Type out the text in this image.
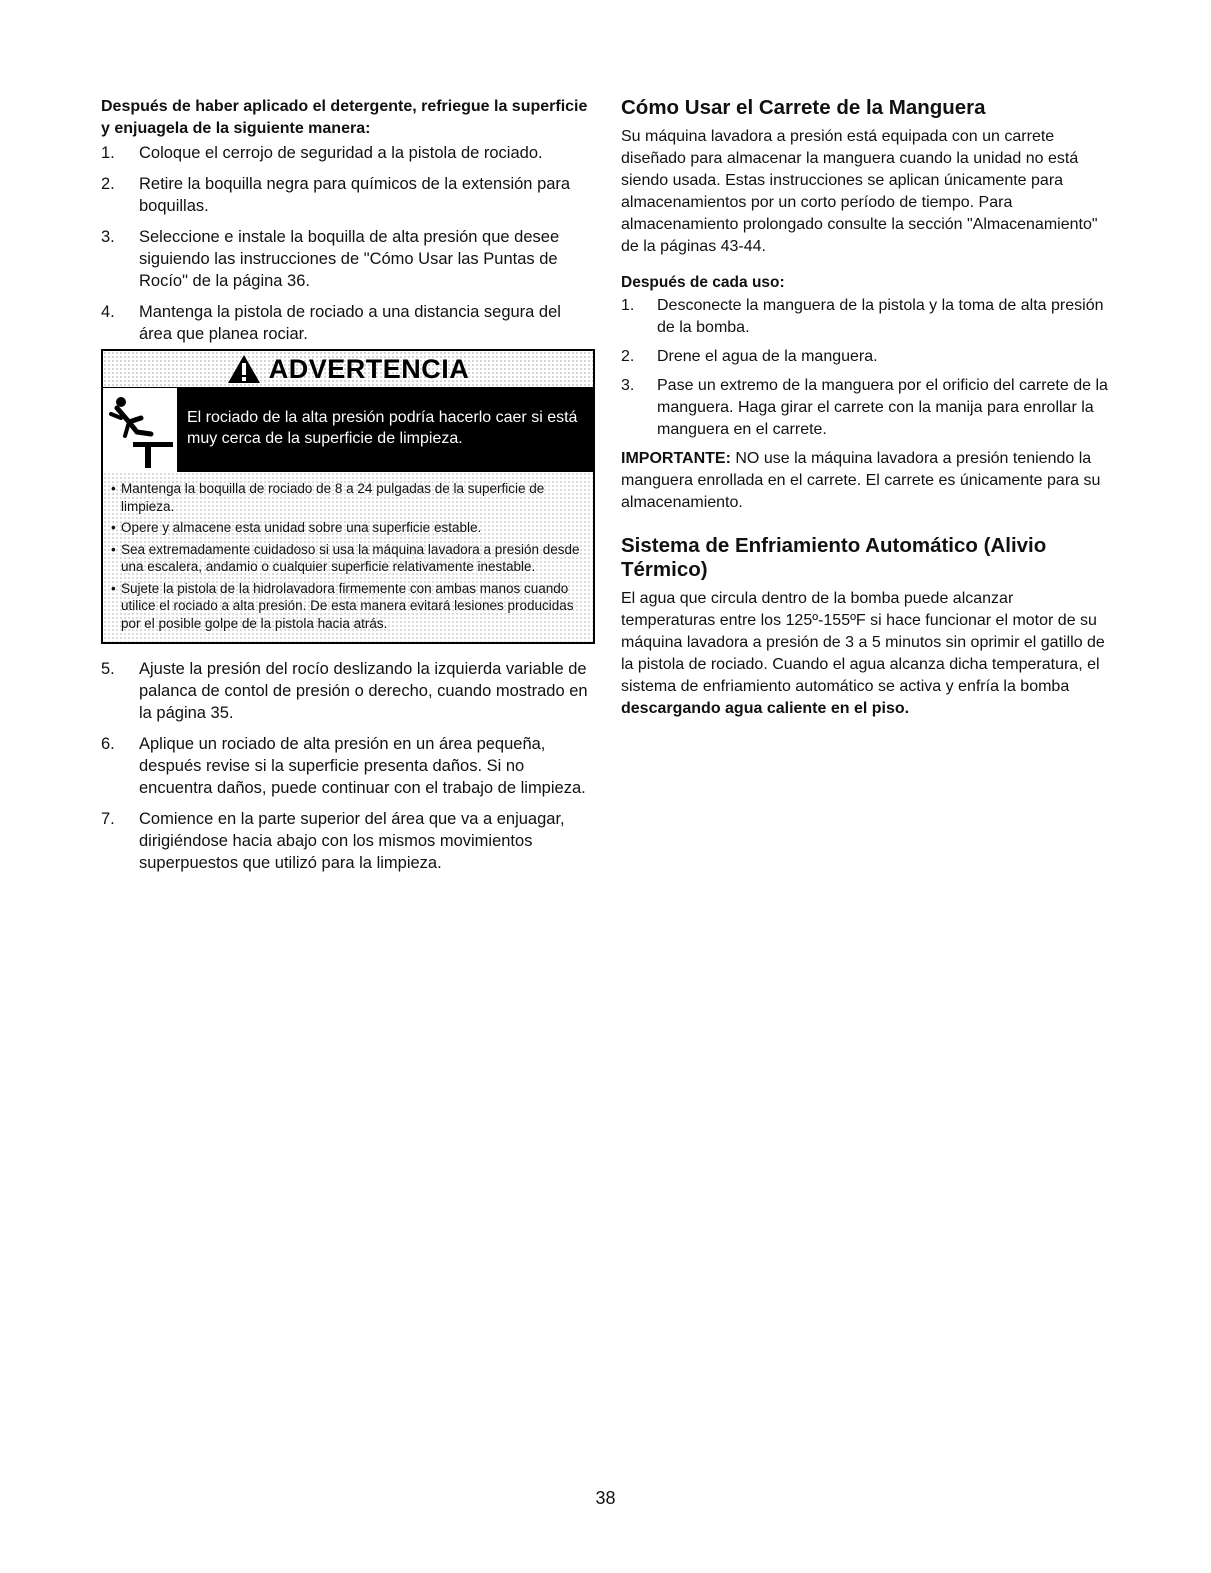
Después de haber aplicado el detergente, refriegue la superficie y enjuagela de la siguiente manera:

1.	Coloque el cerrojo de seguridad a la pistola de rociado.
2.	Retire la boquilla negra para químicos de la extensión para boquillas.
3.	Seleccione e instale la boquilla de alta presión que desee siguiendo las instrucciones de "Cómo Usar las Puntas de Rocío" de la página 36.
4.	Mantenga la pistola de rociado a una distancia segura del área que planea rociar.
ADVERTENCIA
El rociado de la alta presión podría hacerlo caer si está muy cerca de la superficie de limpieza.
• Mantenga la boquilla de rociado de 8 a 24 pulgadas de la superficie de limpieza.
• Opere y almacene esta unidad sobre una superficie estable.
• Sea extremadamente cuidadoso si usa la máquina lavadora a presión desde una escalera, andamio o cualquier superficie relativamente inestable.
• Sujete la pistola de la hidrolavadora firmemente con ambas manos cuando utilice el rociado a alta presión. De esta manera evitará lesiones producidas por el posible golpe de la pistola hacia atrás.
5.	Ajuste la presión del rocío deslizando la izquierda variable de palanca de contol de presión o derecho, cuando mostrado en la página 35.
6.	Aplique un rociado de alta presión en un área pequeña, después revise si la superficie presenta daños. Si no encuentra daños, puede continuar con el trabajo de limpieza.
7.	Comience en la parte superior del área que va a enjuagar, dirigiéndose hacia abajo con los mismos movimientos superpuestos que utilizó para la limpieza.
Cómo Usar el Carrete de la Manguera

Su máquina lavadora a presión está equipada con un carrete diseñado para almacenar la manguera cuando la unidad no está siendo usada. Estas instrucciones se aplican únicamente para almacenamientos por un corto período de tiempo. Para almacenamiento prolongado consulte la sección "Almacenamiento" de la páginas 43-44.

Después de cada uso:
1.	Desconecte la manguera de la pistola y la toma de alta presión de la bomba.
2.	Drene el agua de la manguera.
3.	Pase un extremo de la manguera por el orificio del carrete de la manguera. Haga girar el carrete con la manija para enrollar la manguera en el carrete.

IMPORTANTE: NO use la máquina lavadora a presión teniendo la manguera enrollada en el carrete. El carrete es únicamente para su almacenamiento.

Sistema de Enfriamiento Automático (Alivio Térmico)

El agua que circula dentro de la bomba puede alcanzar temperaturas entre los 125º-155ºF si hace funcionar el motor de su máquina lavadora a presión de 3 a 5 minutos sin oprimir el gatillo de la pistola de rociado. Cuando el agua alcanza dicha temperatura, el sistema de enfriamiento automático se activa y enfría la bomba descargando agua caliente en el piso.

38
